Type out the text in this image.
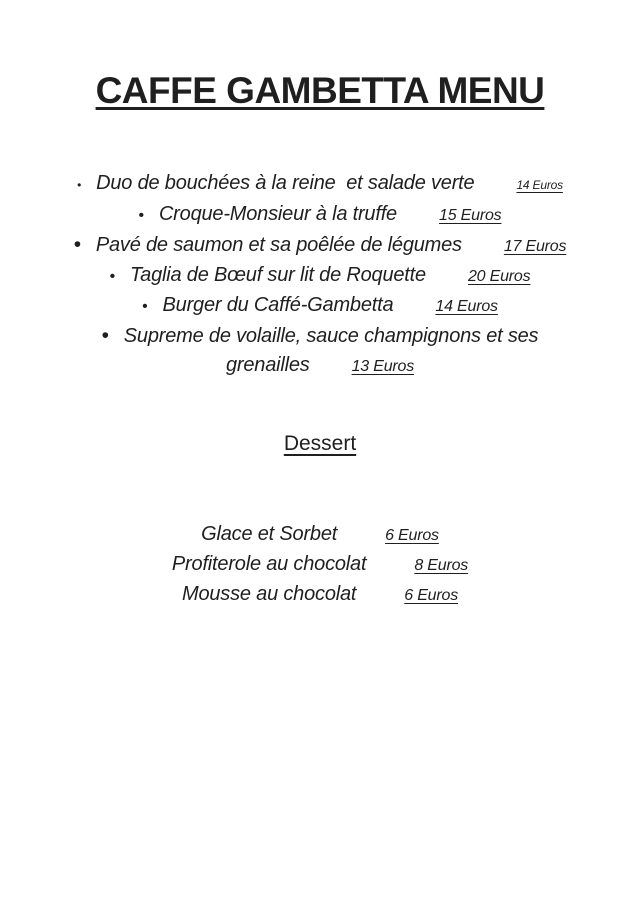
CAFFE GAMBETTA MENU
• Duo de bouchées à la reine  et salade verte	14 Euros
• Croque-Monsieur à la truffe	15 Euros
• Pavé de saumon et sa poêlée de légumes	17 Euros
• Taglia de Bœuf sur lit de Roquette	20 Euros
• Burger du Caffé-Gambetta	14 Euros
• Supreme de volaille, sauce champignons et ses grenailles	13 Euros
Dessert
Glace et Sorbet	6 Euros
Profiterole au chocolat	8 Euros
Mousse au chocolat	6 Euros
